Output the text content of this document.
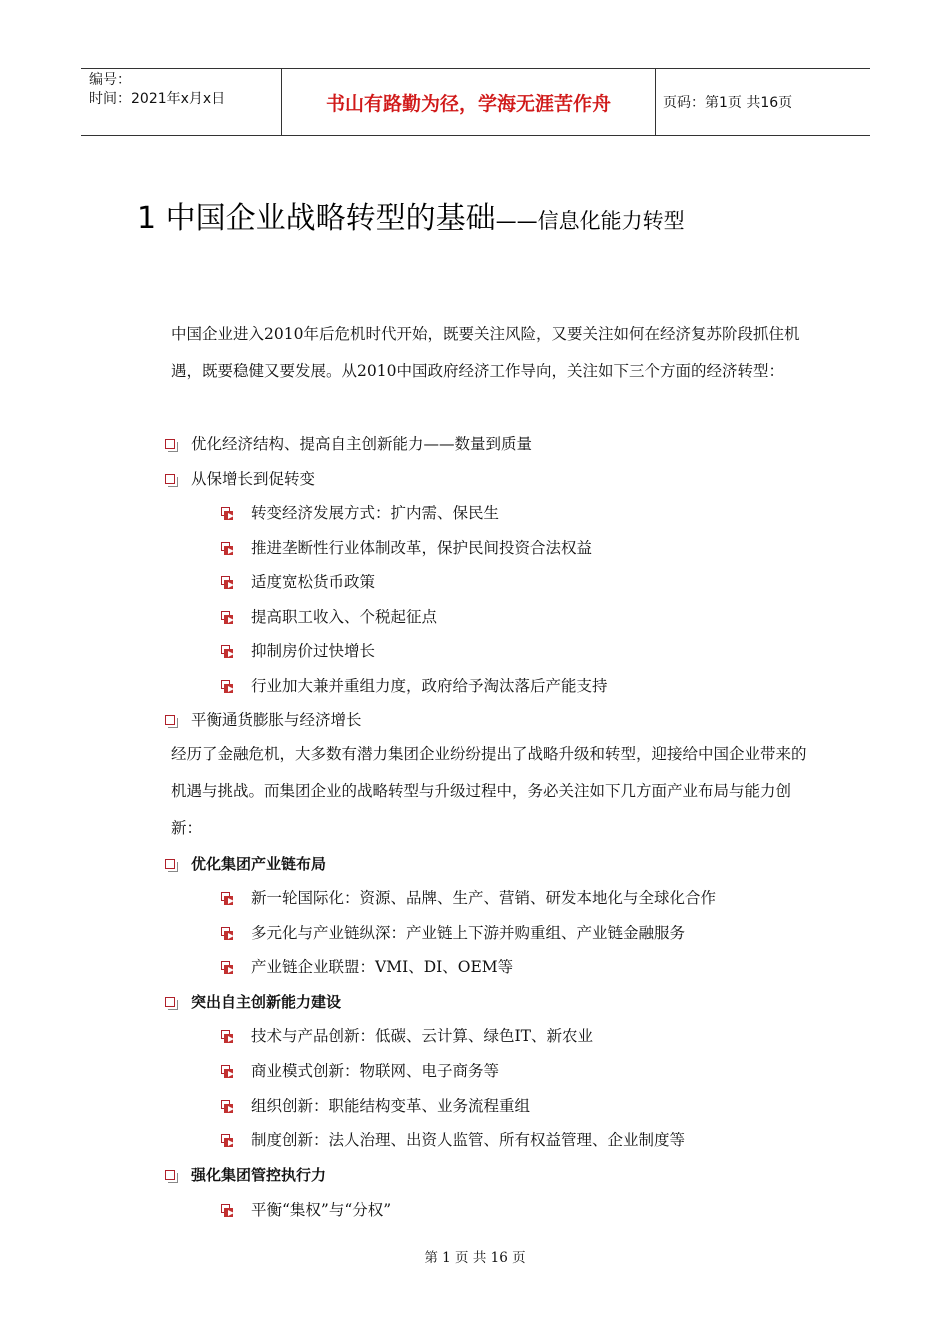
编号：
时间：2021年x月x日	书山有路勤为径，学海无涯苦作舟	页码：第1页 共16页
1 中国企业战略转型的基础——信息化能力转型
中国企业进入2010年后危机时代开始，既要关注风险，又要关注如何在经济复苏阶段抓住机遇，既要稳健又要发展。从2010中国政府经济工作导向，关注如下三个方面的经济转型：
优化经济结构、提高自主创新能力——数量到质量
从保增长到促转变
转变经济发展方式：扩内需、保民生
推进垄断性行业体制改革，保护民间投资合法权益
适度宽松货币政策
提高职工收入、个税起征点
抑制房价过快增长
行业加大兼并重组力度，政府给予淘汰落后产能支持
平衡通货膨胀与经济增长
经历了金融危机，大多数有潜力集团企业纷纷提出了战略升级和转型，迎接给中国企业带来的机遇与挑战。而集团企业的战略转型与升级过程中，务必关注如下几方面产业布局与能力创新：
优化集团产业链布局
新一轮国际化：资源、品牌、生产、营销、研发本地化与全球化合作
多元化与产业链纵深：产业链上下游并购重组、产业链金融服务
产业链企业联盟：VMI、DI、OEM等
突出自主创新能力建设
技术与产品创新：低碳、云计算、绿色IT、新农业
商业模式创新：物联网、电子商务等
组织创新：职能结构变革、业务流程重组
制度创新：法人治理、出资人监管、所有权益管理、企业制度等
强化集团管控执行力
平衡“集权”与“分权”
第 1 页 共 16 页
